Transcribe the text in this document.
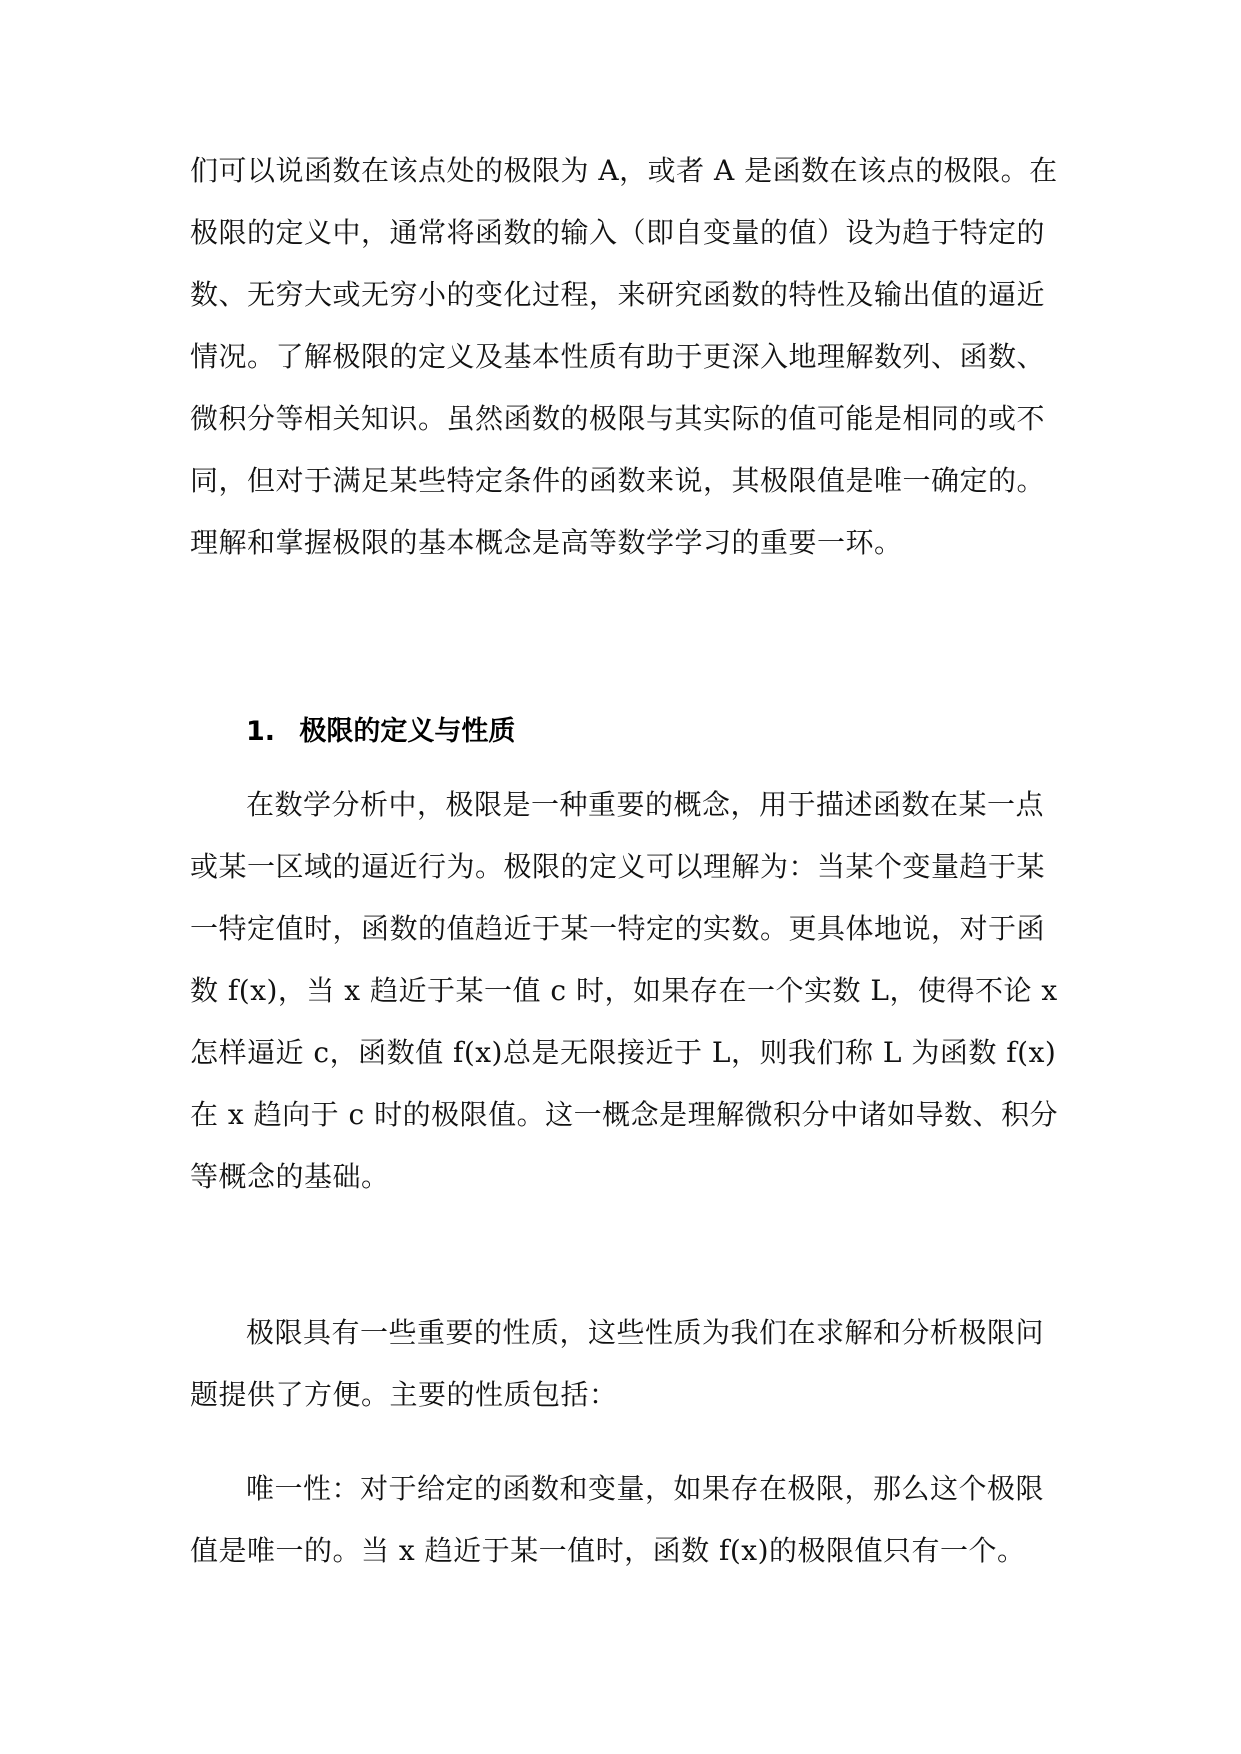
们可以说函数在该点处的极限为 A，或者 A 是函数在该点的极限。在
极限的定义中，通常将函数的输入（即自变量的值）设为趋于特定的
数、无穷大或无穷小的变化过程，来研究函数的特性及输出值的逼近
情况。了解极限的定义及基本性质有助于更深入地理解数列、函数、
微积分等相关知识。虽然函数的极限与其实际的值可能是相同的或不
同，但对于满足某些特定条件的函数来说，其极限值是唯一确定的。
理解和掌握极限的基本概念是高等数学学习的重要一环。
1. 极限的定义与性质
在数学分析中，极限是一种重要的概念，用于描述函数在某一点
或某一区域的逼近行为。极限的定义可以理解为：当某个变量趋于某
一特定值时，函数的值趋近于某一特定的实数。更具体地说，对于函
数 f(x)，当 x 趋近于某一值 c 时，如果存在一个实数 L，使得不论 x
怎样逼近 c，函数值 f(x)总是无限接近于 L，则我们称 L 为函数 f(x)
在 x 趋向于 c 时的极限值。这一概念是理解微积分中诸如导数、积分
等概念的基础。
极限具有一些重要的性质，这些性质为我们在求解和分析极限问
题提供了方便。主要的性质包括：
唯一性：对于给定的函数和变量，如果存在极限，那么这个极限
值是唯一的。当 x 趋近于某一值时，函数 f(x)的极限值只有一个。
